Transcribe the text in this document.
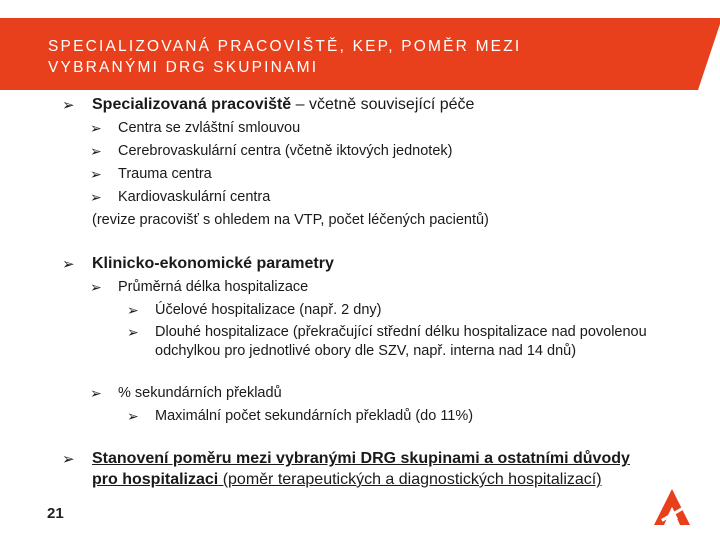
SPECIALIZOVANÁ PRACOVIŠTĚ, KEP, POMĚR MEZI
VYBRANÝMI DRG SKUPINAMI
➢	Specializovaná pracoviště – včetně související péče
➢	Centra se zvláštní smlouvou
➢	Cerebrovaskulární centra (včetně iktových jednotek)
➢	Trauma centra
➢	Kardiovaskulární centra
(revize pracovišť s ohledem na VTP, počet léčených pacientů)
➢	Klinicko-ekonomické parametry
➢	Průměrná délka hospitalizace
➢	Účelové hospitalizace (např. 2 dny)
➢	Dlouhé hospitalizace (překračující střední délku hospitalizace nad povolenou odchylkou pro jednotlivé obory dle SZV, např. interna nad 14 dnů)
➢	% sekundárních překladů
➢	Maximální počet sekundárních překladů (do 11%)
➢	Stanovení poměru mezi vybranými DRG skupinami a ostatními důvody pro hospitalizaci (poměr terapeutických a diagnostických hospitalizací)
21
